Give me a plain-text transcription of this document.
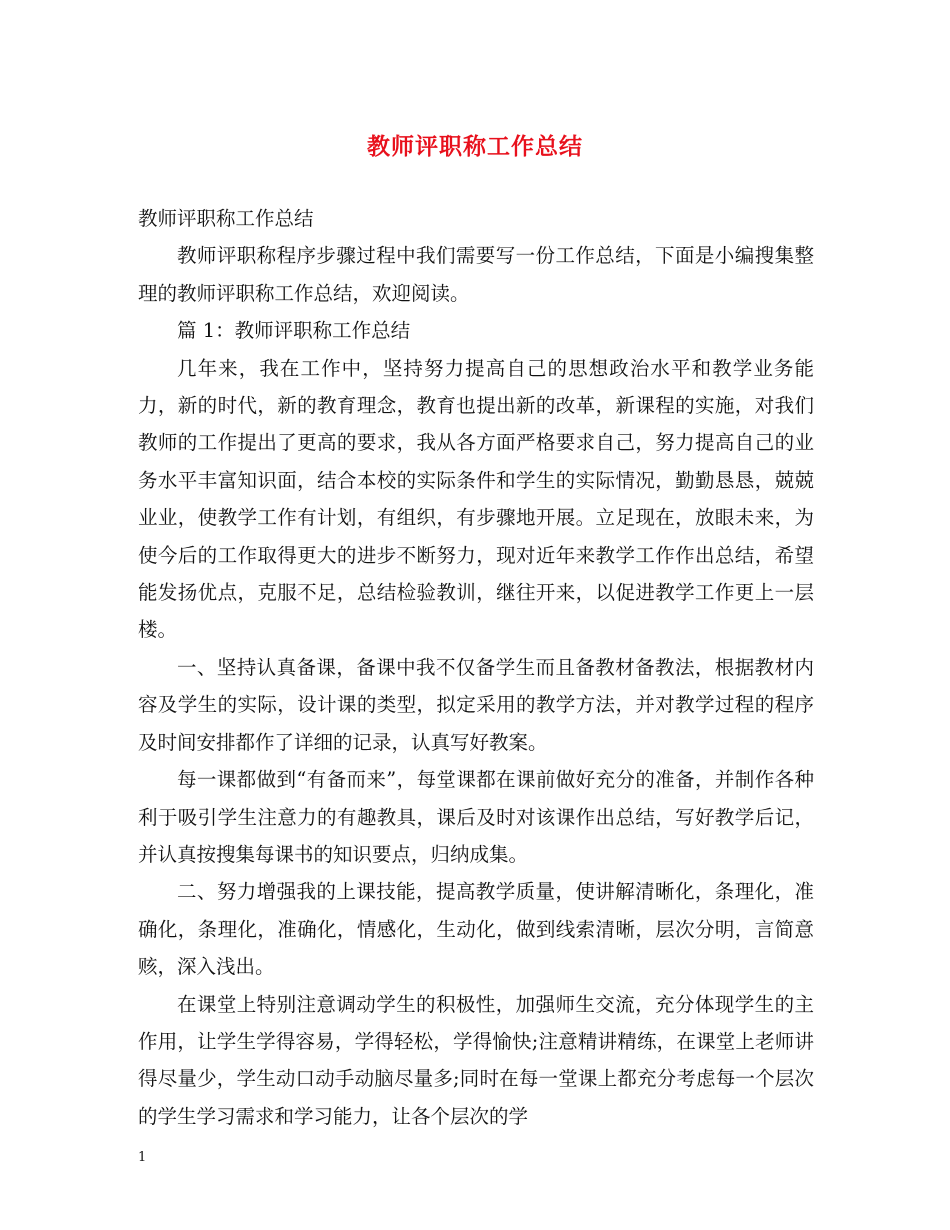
教师评职称工作总结

教师评职称工作总结

教师评职称程序步骤过程中我们需要写一份工作总结，下面是小编搜集整理的教师评职称工作总结，欢迎阅读。

篇 1：教师评职称工作总结

几年来，我在工作中，坚持努力提高自己的思想政治水平和教学业务能力，新的时代，新的教育理念，教育也提出新的改革，新课程的实施，对我们教师的工作提出了更高的要求，我从各方面严格要求自己，努力提高自己的业务水平丰富知识面，结合本校的实际条件和学生的实际情况，勤勤恳恳，兢兢业业，使教学工作有计划，有组织，有步骤地开展。立足现在，放眼未来，为使今后的工作取得更大的进步不断努力，现对近年来教学工作作出总结，希望能发扬优点，克服不足，总结检验教训，继往开来，以促进教学工作更上一层楼。

一、坚持认真备课，备课中我不仅备学生而且备教材备教法，根据教材内容及学生的实际，设计课的类型，拟定采用的教学方法，并对教学过程的程序及时间安排都作了详细的记录，认真写好教案。

每一课都做到“有备而来”，每堂课都在课前做好充分的准备，并制作各种利于吸引学生注意力的有趣教具，课后及时对该课作出总结，写好教学后记，并认真按搜集每课书的知识要点，归纳成集。

二、努力增强我的上课技能，提高教学质量，使讲解清晰化，条理化，准确化，条理化，准确化，情感化，生动化，做到线索清晰，层次分明，言简意赅，深入浅出。

在课堂上特别注意调动学生的积极性，加强师生交流，充分体现学生的主作用，让学生学得容易，学得轻松，学得愉快;注意精讲精练，在课堂上老师讲得尽量少，学生动口动手动脑尽量多;同时在每一堂课上都充分考虑每一个层次的学生学习需求和学习能力，让各个层次的学

1
